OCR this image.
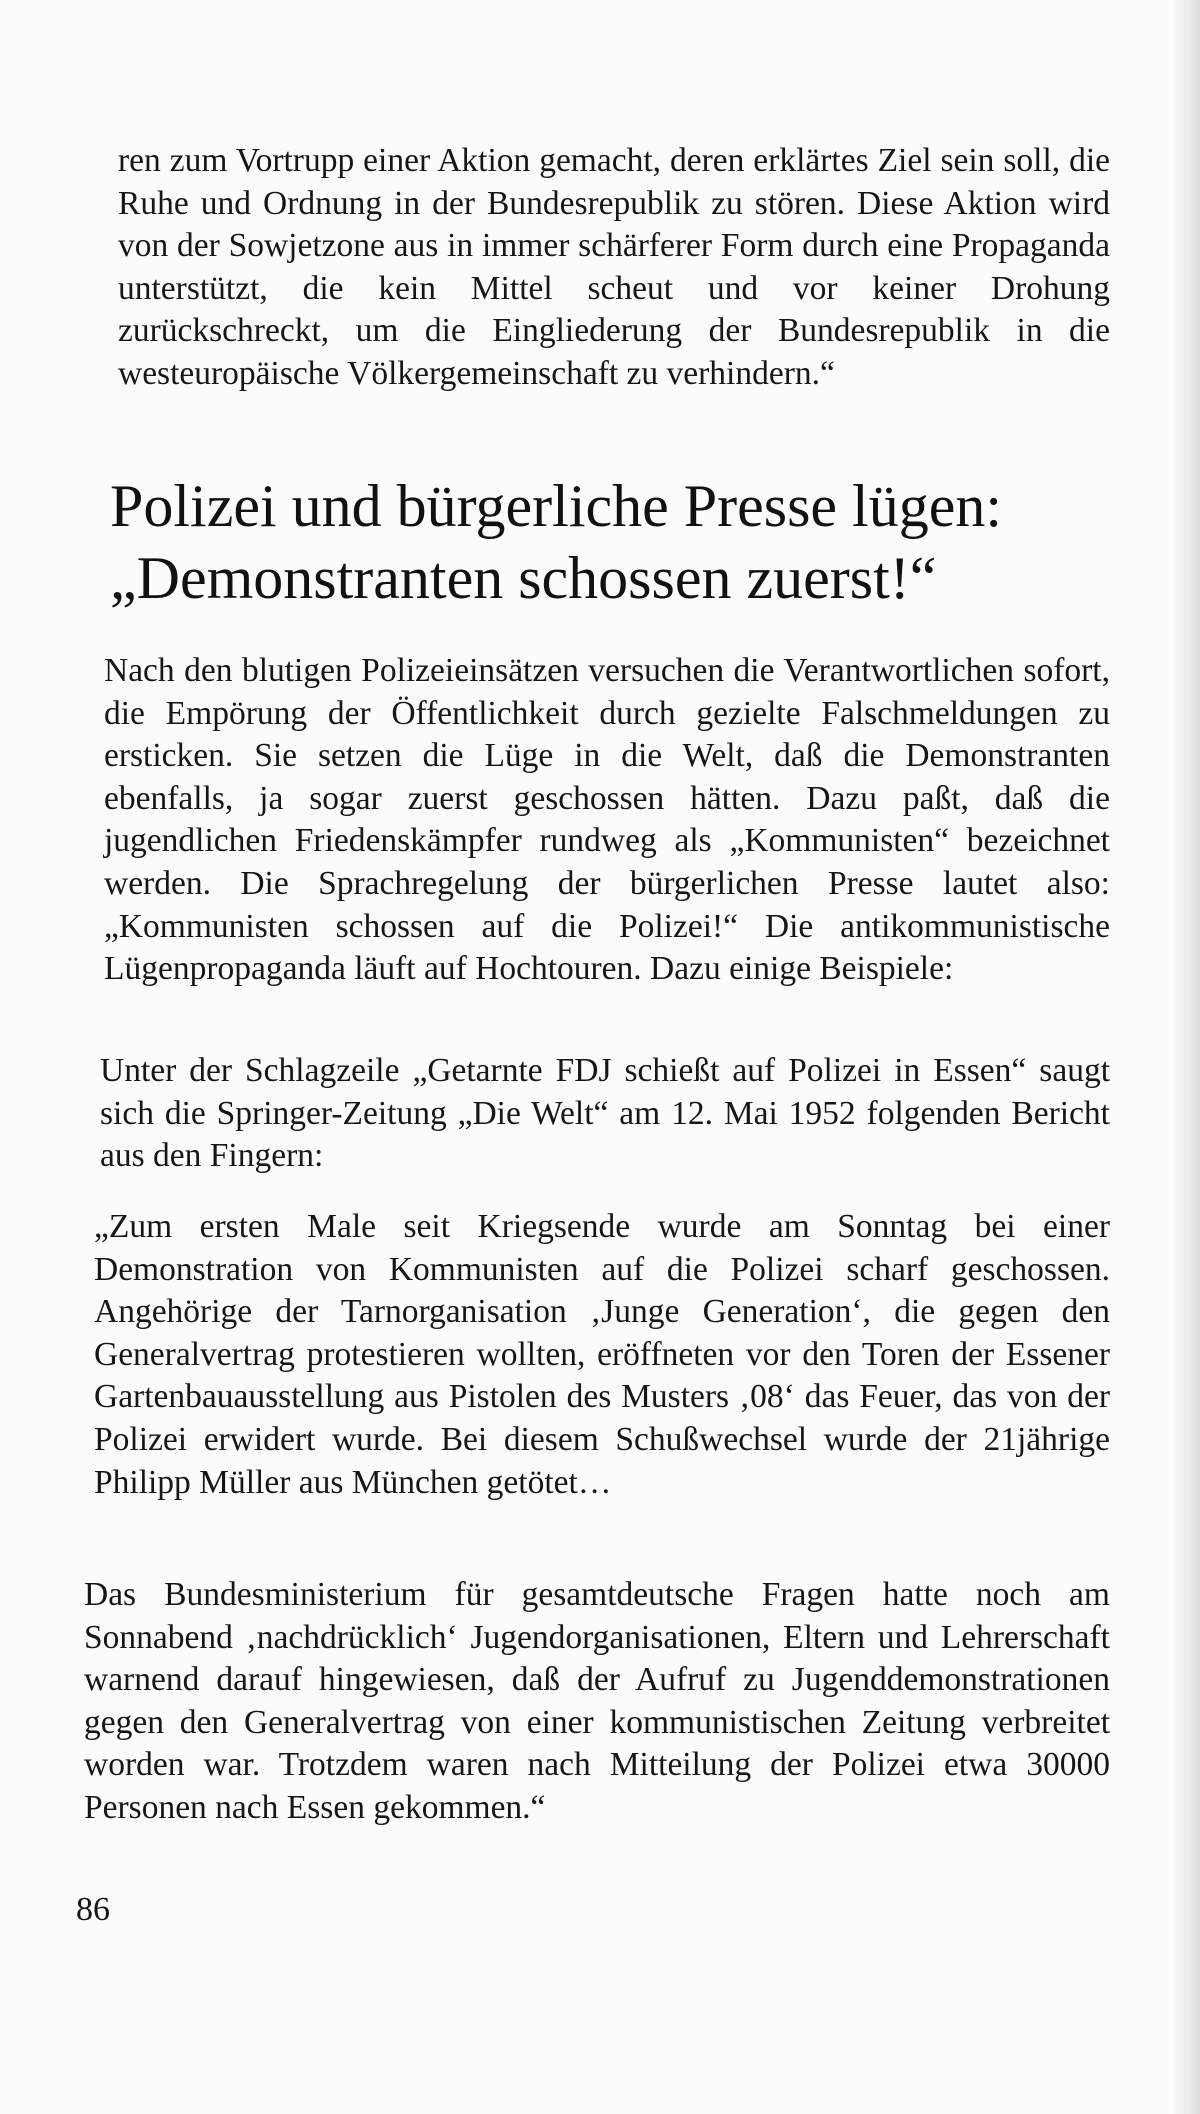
ren zum Vortrupp einer Aktion gemacht, deren erklärtes Ziel sein soll, die Ruhe und Ordnung in der Bundesrepublik zu stören. Diese Aktion wird von der Sowjetzone aus in immer schärferer Form durch eine Propaganda unterstützt, die kein Mittel scheut und vor keiner Drohung zurückschreckt, um die Eingliederung der Bundesrepublik in die westeuropäische Völkergemeinschaft zu verhindern.“

Polizei und bürgerliche Presse lügen:
„Demonstranten schossen zuerst!“

Nach den blutigen Polizeieinsätzen versuchen die Verantwortlichen sofort, die Empörung der Öffentlichkeit durch gezielte Falschmeldungen zu ersticken. Sie setzen die Lüge in die Welt, daß die Demonstranten ebenfalls, ja sogar zuerst geschossen hätten. Dazu paßt, daß die jugendlichen Friedenskämpfer rundweg als „Kommunisten“ bezeichnet werden. Die Sprachregelung der bürgerlichen Presse lautet also: „Kommunisten schossen auf die Polizei!“ Die antikommunistische Lügenpropaganda läuft auf Hochtouren. Dazu einige Beispiele:

Unter der Schlagzeile „Getarnte FDJ schießt auf Polizei in Essen“ saugt sich die Springer-Zeitung „Die Welt“ am 12. Mai 1952 folgenden Bericht aus den Fingern:

„Zum ersten Male seit Kriegsende wurde am Sonntag bei einer Demonstration von Kommunisten auf die Polizei scharf geschossen. Angehörige der Tarnorganisation ‚Junge Generation‘, die gegen den Generalvertrag protestieren wollten, eröffneten vor den Toren der Essener Gartenbauausstellung aus Pistolen des Musters ‚08‘ das Feuer, das von der Polizei erwidert wurde. Bei diesem Schußwechsel wurde der 21jährige Philipp Müller aus München getötet…

Das Bundesministerium für gesamtdeutsche Fragen hatte noch am Sonnabend ‚nachdrücklich‘ Jugendorganisationen, Eltern und Lehrerschaft warnend darauf hingewiesen, daß der Aufruf zu Jugenddemonstrationen gegen den Generalvertrag von einer kommunistischen Zeitung verbreitet worden war. Trotzdem waren nach Mitteilung der Polizei etwa 30000 Personen nach Essen gekommen.“

86
